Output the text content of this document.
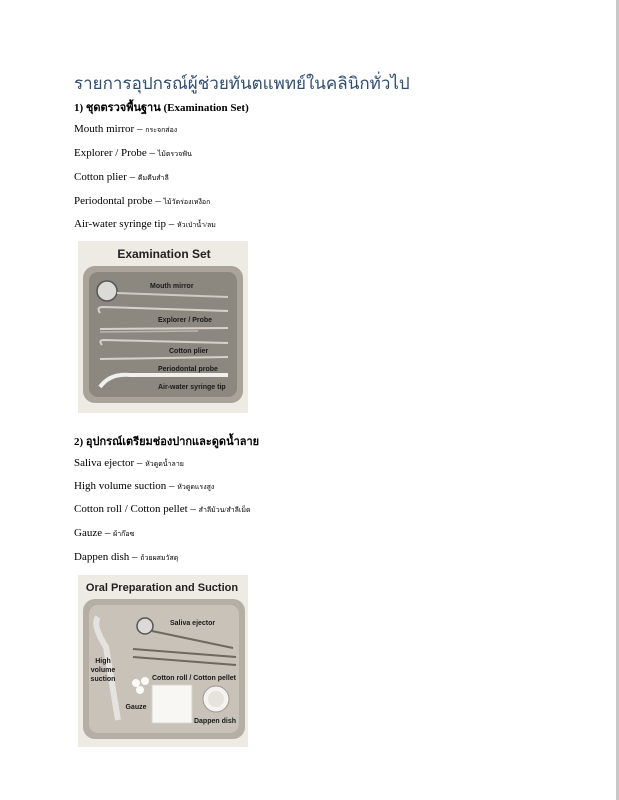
รายการอุปกรณ์ผู้ช่วยทันตแพทย์ในคลินิกทั่วไป
1) ชุดตรวจพื้นฐาน (Examination Set)
Mouth mirror – กระจกส่อง
Explorer / Probe – ไม้ตรวจฟัน
Cotton plier – คีมคีบสำลี
Periodontal probe – ไม้วัดร่องเหงือก
Air-water syringe tip – หัวเป่าน้ำ/ลม
Examination Set
Mouth mirror
Explorer / Probe
Cotton plier
Periodontal probe
Air-water syringe tip
2) อุปกรณ์เตรียมช่องปากและดูดน้ำลาย
Saliva ejector – หัวดูดน้ำลาย
High volume suction – หัวดูดแรงสูง
Cotton roll / Cotton pellet – สำลีม้วน/สำลีเม็ด
Gauze – ผ้าก๊อซ
Dappen dish – ถ้วยผสมวัสดุ
Oral Preparation and Suction
High
volume
suction
Saliva ejector
Cotton roll / Cotton pellet
Gauze
Dappen dish
